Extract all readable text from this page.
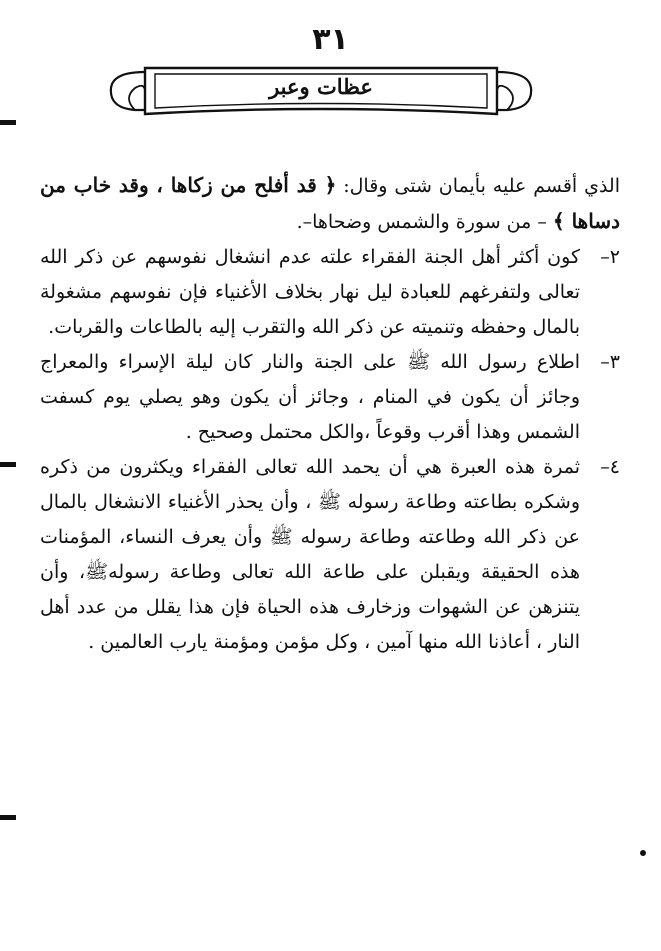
٣١
عظات وعبر

الذي أقسم عليه بأيمان شتى وقال: ﴿ قد أفلح من زكاها ، وقد خاب من دساها ﴾ – من سورة والشمس وضحاها–.

٢–
كون أكثر أهل الجنة الفقراء علته عدم انشغال نفوسهم عن ذكر الله تعالى ولتفرغهم للعبادة ليل نهار بخلاف الأغنياء فإن نفوسهم مشغولة بالمال وحفظه وتنميته عن ذكر الله والتقرب إليه بالطاعات والقربات.
٣–
اطلاع رسول الله ﷺ على الجنة والنار كان ليلة الإسراء والمعراج وجائز أن يكون في المنام ، وجائز أن يكون وهو يصلي يوم كسفت الشمس وهذا أقرب وقوعاً ،والكل محتمل وصحيح .
٤–
ثمرة هذه العبرة هي أن يحمد الله تعالى الفقراء ويكثرون من ذكره وشكره بطاعته وطاعة رسوله ﷺ ، وأن يحذر الأغنياء الانشغال بالمال عن ذكر الله وطاعته وطاعة رسوله ﷺ وأن يعرف النساء، المؤمنات هذه الحقيقة ويقبلن على طاعة الله تعالى وطاعة رسولهﷺ، وأن يتنزهن عن الشهوات وزخارف هذه الحياة فإن هذا يقلل من عدد أهل النار ، أعاذنا الله منها آمين ، وكل مؤمن ومؤمنة يارب العالمين .
